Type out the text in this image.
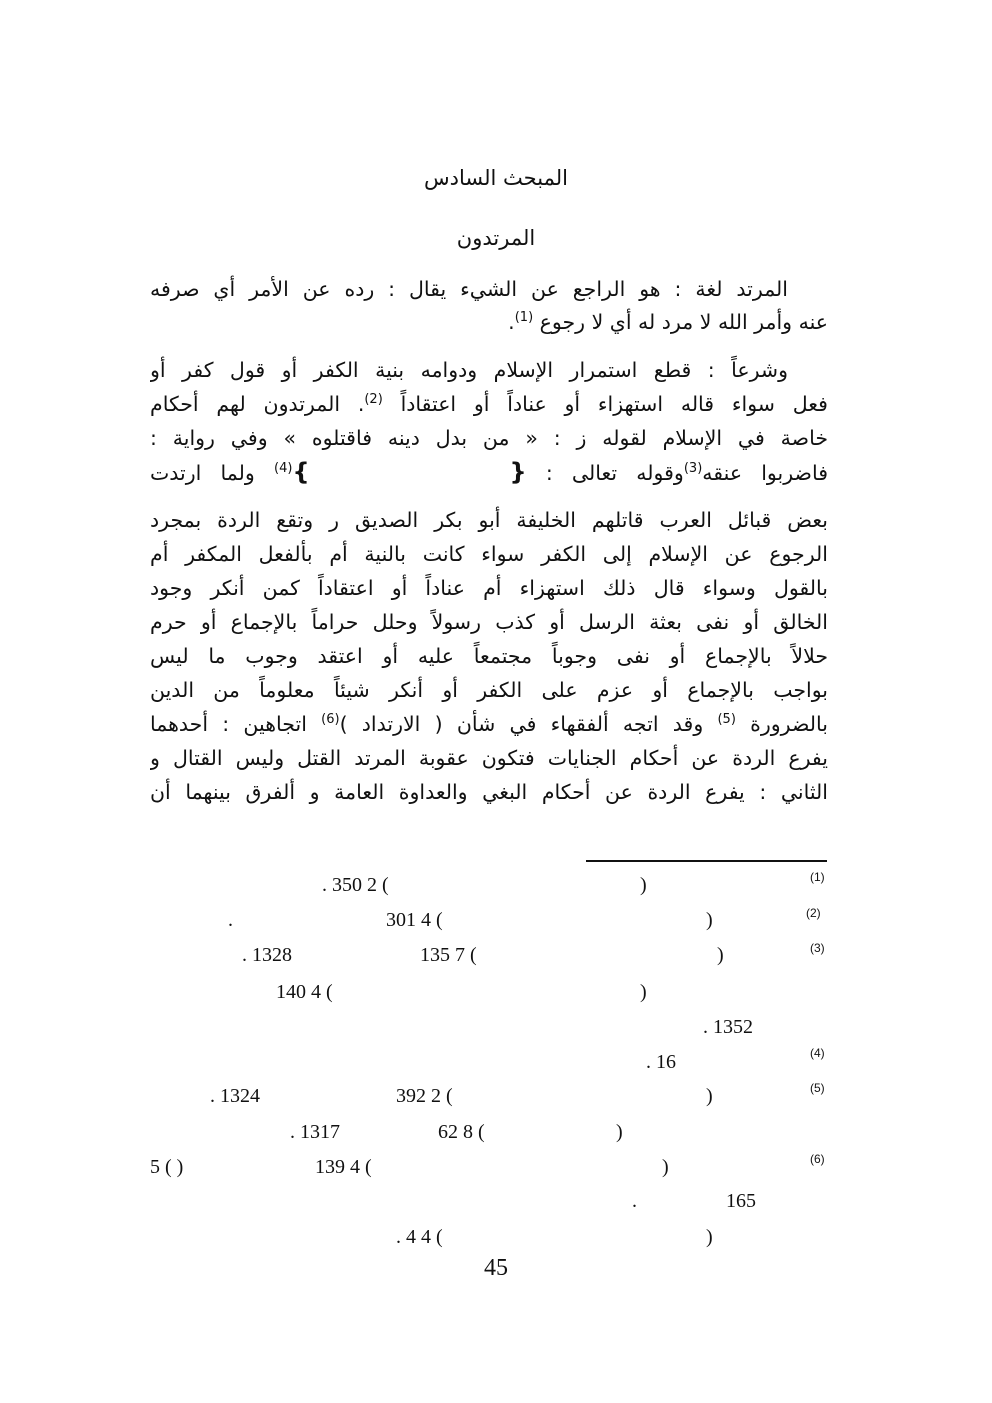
المبحث السادس
المرتدون
المرتد لغة : هو الراجع عن الشيء يقال : رده عن الأمر أي صرفه
عنه وأمر الله لا مرد له أي لا رجوع $^{(1)}$.
وشرعاً : قطع استمرار الإسلام ودوامه بنية الكفر أو قول كفر أو
فعل سواء قاله استهزاء أو عناداً أو اعتقاداً $^{(2)}$. المرتدون لهم أحكام
خاصة في الإسلام لقوله ز : « من بدل دينه فاقتلوه » وفي رواية :
فاضربوا عنقه$^{(3)}$وقوله تعالى : {}$^{(4)}$ ولما ارتدت
بعض قبائل العرب قاتلهم الخليفة أبو بكر الصديق ر وتقع الردة بمجرد
الرجوع عن الإسلام إلى الكفر سواء كانت بالنية أم بألفعل المكفر أم
بالقول وسواء قال ذلك استهزاء أم عناداً أو اعتقاداً كمن أنكر وجود
الخالق أو نفى بعثة الرسل أو كذب رسولاً وحلل حراماً بالإجماع أو حرم
حلالاً بالإجماع أو نفى وجوباً مجتمعاً عليه أو اعتقد وجوب ما ليس
بواجب بالإجماع أو عزم على الكفر أو أنكر شيئاً معلوماً من الدين
بالضرورة $^{(5)}$ وقد اتجه ألفقهاء في شأن ( الارتداد )$^{(6)}$ اتجاهين : أحدهما
يفرع الردة عن أحكام الجنايات فتكون عقوبة المرتد القتل وليس القتال و
الثاني : يفرع الردة عن أحكام البغي والعداوة العامة و ألفرق بينهما أن
(1)
)
. 350 2 (
(2)
)
301 4 (
.
(3)
)
135 7 (
. 1328
)
140 4 (
. 1352
(4)
. 16
(5)
)
392 2 (
. 1324
)
62 8 (
. 1317
(6)
)
139 4 (
5 ( )
165
.
)
. 4 4 (
45
